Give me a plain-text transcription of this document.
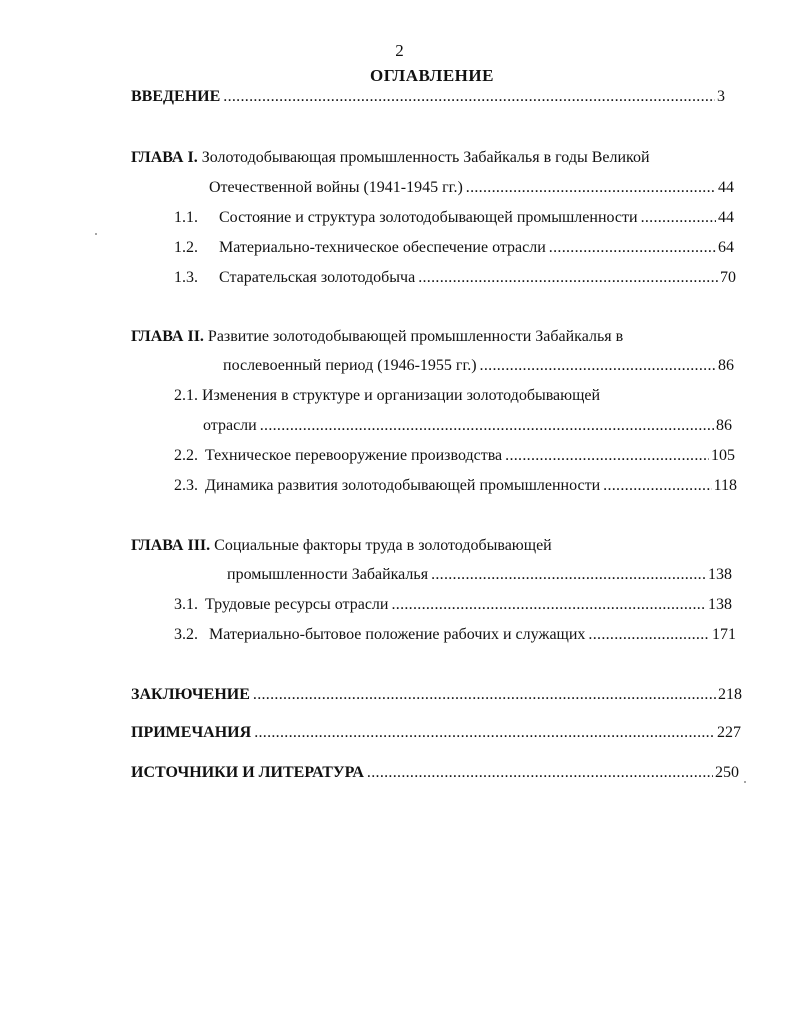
2
ОГЛАВЛЕНИЕ
ВВЕДЕНИЕ .....	3
ГЛАВА I. Золотодобывающая промышленность Забайкалья в годы Великой
Отечественной войны (1941-1945 гг.) .....	44
1.1. Состояние и структура золотодобывающей промышленности .....	44
1.2. Материально-техническое обеспечение отрасли .....	64
1.3. Старательская золотодобыча .....	70
ГЛАВА II. Развитие золотодобывающей промышленности Забайкалья в
послевоенный период (1946-1955 гг.) .....	86
2.1. Изменения в структуре и организации золотодобывающей
отрасли .....	86
2.2. Техническое перевооружение производства .....	105
2.3. Динамика развития золотодобывающей промышленности .....	118
ГЛАВА III. Социальные факторы труда в золотодобывающей
промышленности Забайкалья .....	138
3.1. Трудовые ресурсы отрасли .....	138
3.2. Материально-бытовое положение рабочих и служащих .....	171
ЗАКЛЮЧЕНИЕ .....	218
ПРИМЕЧАНИЯ .....	227
ИСТОЧНИКИ И ЛИТЕРАТУРА .....	250
